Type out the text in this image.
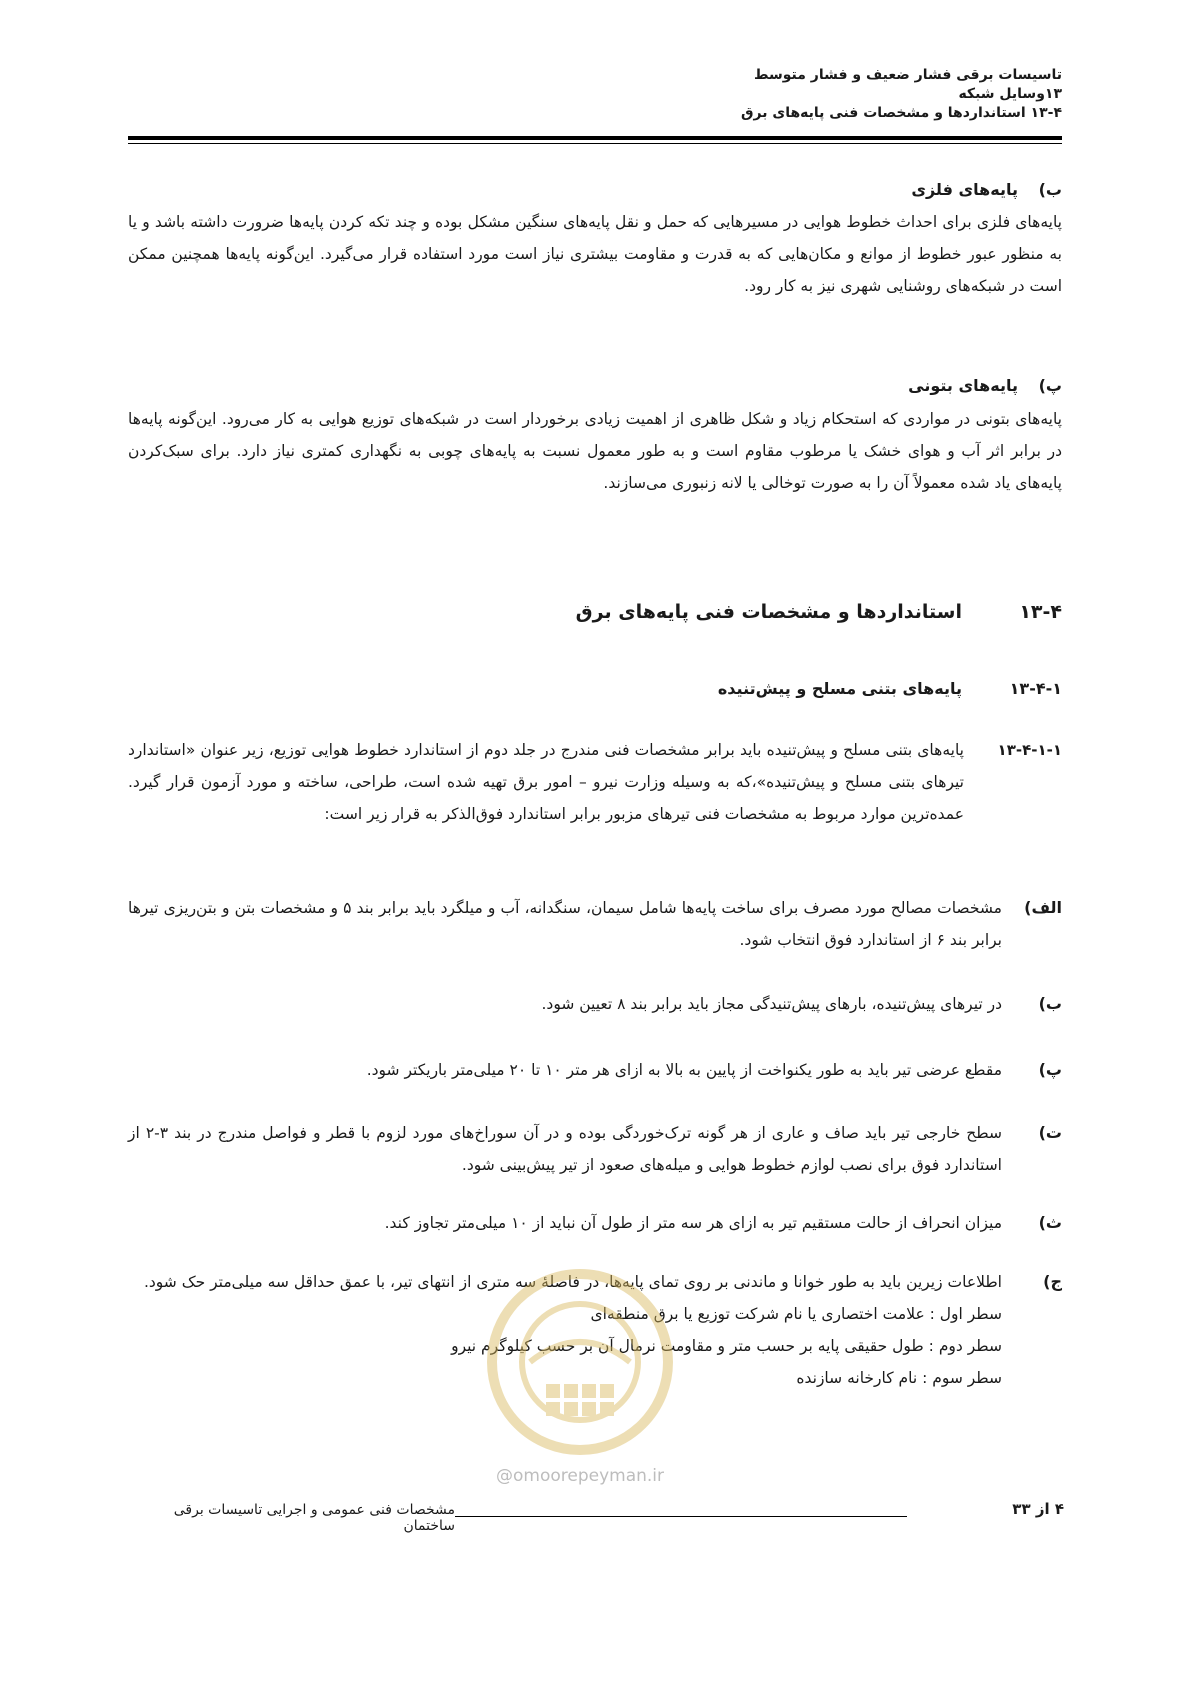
تاسیسات برقی فشار ضعیف و فشار متوسط
۱۳وسایل شبکه
۱۳-۴ استانداردها و مشخصات فنی پایه‌های برق
ب)پایه‌های فلزی
پایه‌های فلزی برای احداث خطوط هوایی در مسیرهایی که حمل و نقل پایه‌های سنگین مشکل بوده و چند تکه کردن پایه‌ها ضرورت داشته باشد و یا به منظور عبور خطوط از موانع و مکان‌هایی که به قدرت و مقاومت بیشتری نیاز است مورد استفاده قرار می‌گیرد. این‌گونه پایه‌ها همچنین ممکن است در شبکه‌های روشنایی شهری نیز به کار رود.
پ)پایه‌های بتونی
پایه‌های بتونی در مواردی که استحکام زیاد و شکل ظاهری از اهمیت زیادی برخوردار است در شبکه‌های توزیع هوایی به کار می‌رود. این‌گونه پایه‌ها در برابر اثر آب و هوای خشک یا مرطوب مقاوم است و به طور معمول نسبت به پایه‌های چوبی به نگهداری کمتری نیاز دارد. برای سبک‌کردن پایه‌های یاد شده معمولاً آن را به صورت توخالی یا لانه زنبوری می‌سازند.
۱۳-۴استانداردها و مشخصات فنی پایه‌های برق
۱۳-۴-۱پایه‌های بتنی مسلح و پیش‌تنیده
۱۳-۴-۱-۱
پایه‌های بتنی مسلح و پیش‌تنیده باید برابر مشخصات فنی مندرج در جلد دوم از استاندارد خطوط هوایی توزیع، زیر عنوان «استاندارد تیرهای بتنی مسلح و پیش‌تنیده»،که به وسیله وزارت نیرو – امور برق تهیه شده است، طراحی، ساخته و مورد آزمون قرار گیرد. عمده‌ترین موارد مربوط به مشخصات فنی تیرهای مزبور برابر استاندارد فوق‌الذکر به قرار زیر است:
الف)
مشخصات مصالح مورد مصرف برای ساخت پایه‌ها شامل سیمان، سنگدانه، آب و میلگرد باید برابر بند ۵ و مشخصات بتن و بتن‌ریزی تیرها برابر بند ۶ از استاندارد فوق انتخاب شود.
ب)
در تیرهای پیش‌تنیده، بارهای پیش‌تنیدگی مجاز باید برابر بند ۸ تعیین شود.
پ)
مقطع عرضی تیر باید به طور یکنواخت از پایین به بالا به ازای هر متر ۱۰ تا ۲۰ میلی‌متر باریکتر شود.
ت)
سطح خارجی تیر باید صاف و عاری از هر گونه ترک‌خوردگی بوده و در آن سوراخ‌های مورد لزوم با قطر و فواصل مندرج در بند ۳-۲ از استاندارد فوق برای نصب لوازم خطوط هوایی و میله‌های صعود از تیر پیش‌بینی شود.
ث)
میزان انحراف از حالت مستقیم تیر به ازای هر سه متر از طول آن نباید از ۱۰ میلی‌متر تجاوز کند.
ج)
اطلاعات زیرین باید به طور خوانا و ماندنی بر روی تمای پایه‌ها، در فاصلهٔ سه متری از انتهای تیر، با عمق حداقل سه میلی‌متر حک شود.
سطر اول : علامت اختصاری یا نام شرکت توزیع یا برق منطقه‌ای
سطر دوم : طول حقیقی پایه بر حسب متر و مقاومت نرمال آن بر حسب کیلوگرم نیرو
سطر سوم : نام کارخانه سازنده
@omoorepeyman.ir
مشخصات فنی عمومی و اجرایی تاسیسات برقی ساختمان
۴ از ۳۳
